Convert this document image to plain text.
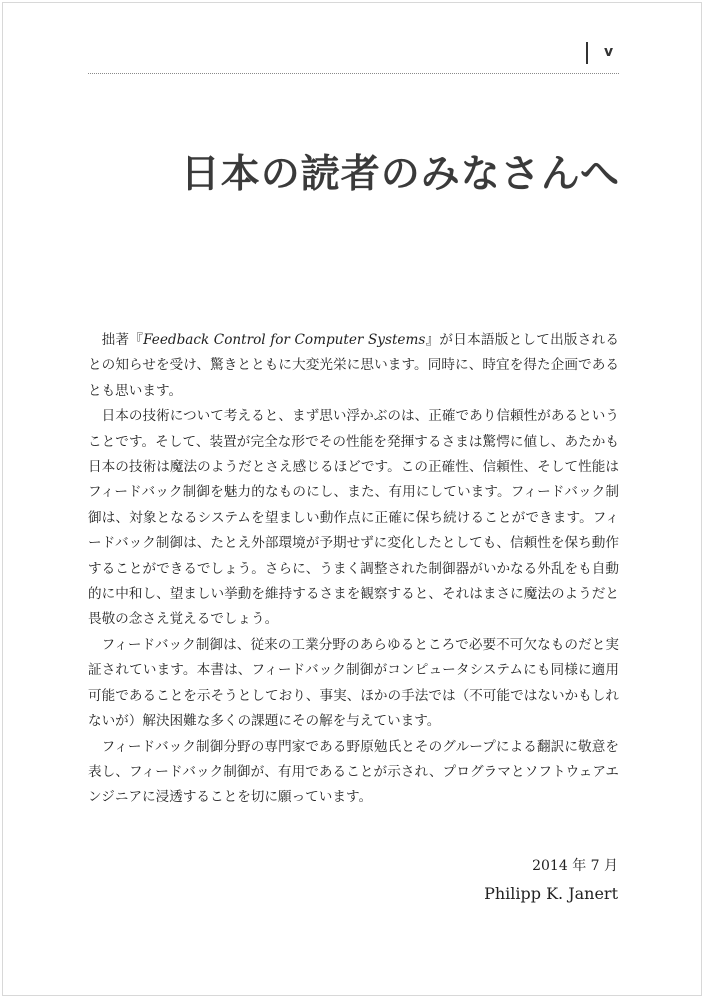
v
日本の読者のみなさんへ

拙著『Feedback Control for Computer Systems』が日本語版として出版されるとの知らせを受け、驚きとともに大変光栄に思います。同時に、時宜を得た企画であるとも思います。

日本の技術について考えると、まず思い浮かぶのは、正確であり信頼性があるということです。そして、装置が完全な形でその性能を発揮するさまは驚愕に値し、あたかも日本の技術は魔法のようだとさえ感じるほどです。この正確性、信頼性、そして性能はフィードバック制御を魅力的なものにし、また、有用にしています。フィードバック制御は、対象となるシステムを望ましい動作点に正確に保ち続けることができます。フィードバック制御は、たとえ外部環境が予期せずに変化したとしても、信頼性を保ち動作することができるでしょう。さらに、うまく調整された制御器がいかなる外乱をも自動的に中和し、望ましい挙動を維持するさまを観察すると、それはまさに魔法のようだと畏敬の念さえ覚えるでしょう。

フィードバック制御は、従来の工業分野のあらゆるところで必要不可欠なものだと実証されています。本書は、フィードバック制御がコンピュータシステムにも同様に適用可能であることを示そうとしており、事実、ほかの手法では（不可能ではないかもしれないが）解決困難な多くの課題にその解を与えています。

フィードバック制御分野の専門家である野原勉氏とそのグループによる翻訳に敬意を表し、フィードバック制御が、有用であることが示され、プログラマとソフトウェアエンジニアに浸透することを切に願っています。

2014 年 7 月
Philipp K. Janert
